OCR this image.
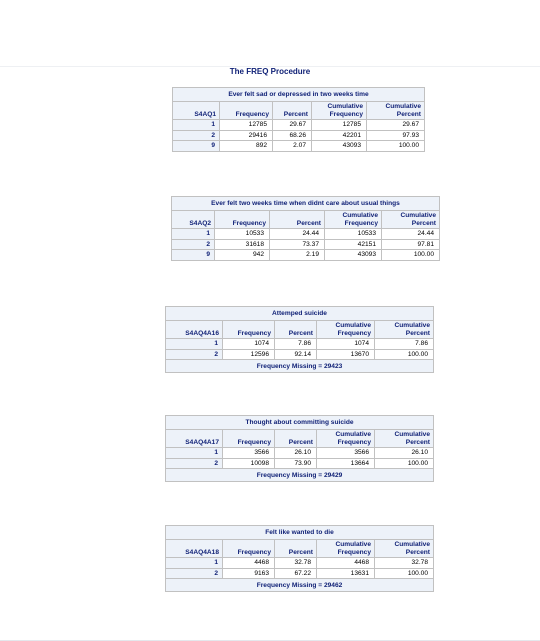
The FREQ Procedure
Ever felt sad or depressed in two weeks time				
S4AQ1	Frequency	Percent	Cumulative Frequency	Cumulative Percent
1	12785	29.67	12785	29.67
2	29416	68.26	42201	97.93
9	892	2.07	43093	100.00
Ever felt two weeks time when didnt care about usual things				
S4AQ2	Frequency	Percent	Cumulative Frequency	Cumulative Percent
1	10533	24.44	10533	24.44
2	31618	73.37	42151	97.81
9	942	2.19	43093	100.00
Attemped suicide				
S4AQ4A16	Frequency	Percent	Cumulative Frequency	Cumulative Percent
1	1074	7.86	1074	7.86
2	12596	92.14	13670	100.00
Frequency Missing = 29423				
Thought about committing suicide				
S4AQ4A17	Frequency	Percent	Cumulative Frequency	Cumulative Percent
1	3566	26.10	3566	26.10
2	10098	73.90	13664	100.00
Frequency Missing = 29429				
Felt like wanted to die				
S4AQ4A18	Frequency	Percent	Cumulative Frequency	Cumulative Percent
1	4468	32.78	4468	32.78
2	9163	67.22	13631	100.00
Frequency Missing = 29462				
